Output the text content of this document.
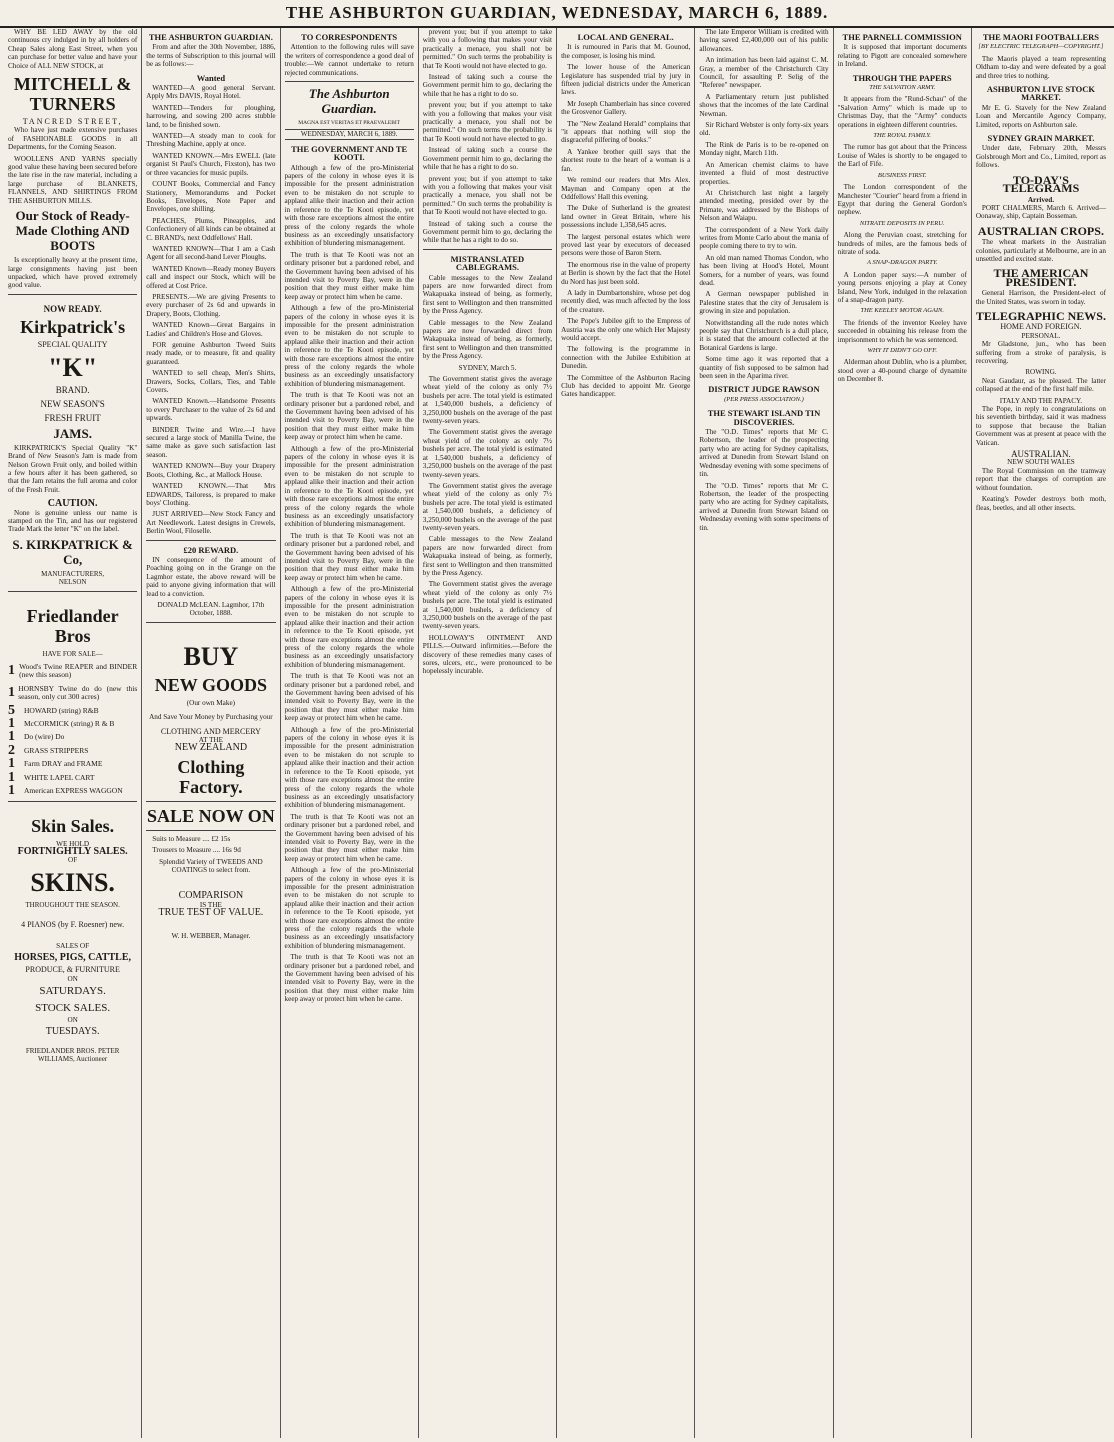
THE ASHBURTON GUARDIAN, WEDNESDAY, MARCH 6, 1889.

WHY BE LED AWAY by the old continuous cry indulged in by all holders of Cheap Sales along East Street, when you can purchase for better value and have your Choice of ALL NEW STOCK, at

MITCHELL & TURNERS
TANCRED STREET,

Who have just made extensive purchases of FASHIONABLE GOODS in all Departments, for the Coming Season.

WOOLLENS AND YARNS specially good value these having been secured before the late rise in the raw material, including a large purchase of BLANKETS, FLANNELS, AND SHIRTINGS FROM THE ASHBURTON MILLS.

Our Stock of Ready-Made Clothing AND BOOTS

Is exceptionally heavy at the present time, large consignments having just been unpacked, which have proved extremely good value.

NOW READY.
Kirkpatrick's
SPECIAL QUALITY
"K"
BRAND.
NEW SEASON'S
FRESH FRUIT
JAMS.

KIRKPATRICK'S Special Quality "K" Brand of New Season's Jam is made from Nelson Grown Fruit only, and boiled within a few hours after it has been gathered, so that the Jam retains the full aroma and color of the Fresh Fruit.

CAUTION.

None is genuine unless our name is stamped on the Tin, and has our registered Trade Mark the letter "K" on the label.

S. KIRKPATRICK & Co,
MANUFACTURERS,
NELSON
Friedlander Bros
HAVE FOR SALE—
1 Wood's Twine REAPER and BINDER (new this season)
1 HORNSBY Twine do do (new this season, only cut 300 acres)
5	HOWARD (string) R&B
1	McCORMICK (string) R & B
1	Do (wire) Do
2	GRASS STRIPPERS
1	Farm DRAY and FRAME
1	WHITE LAPEL CART
1	American EXPRESS WAGGON
Skin Sales.
WE HOLD
FORTNIGHTLY SALES.
OF
SKINS.
THROUGHOUT THE SEASON.
4 PIANOS (by F. Roesner) new.
SALES OF
HORSES, PIGS, CATTLE,
PRODUCE, & FURNITURE
ON
SATURDAYS.
STOCK SALES.
ON
TUESDAYS.
FRIEDLANDER BROS. PETER WILLIAMS, Auctioneer
THE ASHBURTON GUARDIAN.

From and after the 30th November, 1886, the terms of Subscription to this journal will be as follows:—

Wanted

WANTED—A good general Servant. Apply Mrs DAVIS, Royal Hotel.

WANTED—Tenders for ploughing, harrowing, and sowing 200 acres stubble land, to be finished sown.

WANTED—A steady man to cook for Threshing Machine, apply at once.

WANTED KNOWN.—Mrs EWELL (late organist St Paul's Church, Fixston), has two or three vacancies for music pupils.

COUNT Books, Commercial and Fancy Stationery, Memorandums and Pocket Books, Envelopes, Note Paper and Envelopes, one shilling.

PEACHES, Plums, Pineapples, and Confectionery of all kinds can be obtained at C. BRAND's, next Oddfellows' Hall.

WANTED KNOWN—That I am a Cash Agent for all second-hand Lever Ploughs.

WANTED Known—Ready money Buyers call and inspect our Stock, which will be offered at Cost Price.

PRESENTS.—We are giving Presents to every purchaser of 2s 6d and upwards in Drapery, Boots, Clothing.

WANTED Known—Great Bargains in Ladies' and Children's Hose and Gloves.

FOR genuine Ashburton Tweed Suits ready made, or to measure, fit and quality guaranteed.

WANTED to sell cheap, Men's Shirts, Drawers, Socks, Collars, Ties, and Table Covers.

WANTED Known.—Handsome Presents to every Purchaser to the value of 2s 6d and upwards.

BINDER Twine and Wire.—I have secured a large stock of Manilla Twine, the same make as gave such satisfaction last season.

WANTED KNOWN—Buy your Drapery Boots, Clothing, &c., at Mallock House.

WANTED KNOWN.—That Mrs EDWARDS, Tailoress, is prepared to make boys' Clothing.

JUST ARRIVED—New Stock Fancy and Art Needlework. Latest designs in Crewels, Berlin Wool, Filoselle.

£20 REWARD.

IN consequence of the amount of Poaching going on in the Grange on the Lagmhor estate, the above reward will be paid to anyone giving information that will lead to a conviction.

DONALD McLEAN. Lagmhor, 17th October, 1888.

BUY
NEW GOODS
(Our own Make)
And Save Your Money by Purchasing your
CLOTHING AND MERCERY
AT THE
NEW ZEALAND
Clothing Factory.
SALE NOW ON

Suits to Measure .... £2 15s

Trousers to Measure .... 16s 9d

Splendid Variety of TWEEDS AND COATINGS to select from.

COMPARISON
IS THE
TRUE TEST OF VALUE.

W. H. WEBBER, Manager.

TO CORRESPONDENTS

Attention to the following rules will save the writers of correspondence a good deal of trouble:—We cannot undertake to return rejected communications.

The Ashburton Guardian.
MAGNA EST VERITAS ET PRAEVALEBIT
WEDNESDAY, MARCH 6, 1889.
THE GOVERNMENT AND TE KOOTI.

Although a few of the pro-Ministerial papers of the colony in whose eyes it is impossible for the present administration even to be mistaken do not scruple to applaud alike their inaction and their action in reference to the Te Kooti episode, yet with those rare exceptions almost the entire press of the colony regards the whole business as an exceedingly unsatisfactory exhibition of blundering mismanagement.

The truth is that Te Kooti was not an ordinary prisoner but a pardoned rebel, and the Government having been advised of his intended visit to Poverty Bay, were in the position that they must either make him keep away or protect him when he came.

Although a few of the pro-Ministerial papers of the colony in whose eyes it is impossible for the present administration even to be mistaken do not scruple to applaud alike their inaction and their action in reference to the Te Kooti episode, yet with those rare exceptions almost the entire press of the colony regards the whole business as an exceedingly unsatisfactory exhibition of blundering mismanagement.

The truth is that Te Kooti was not an ordinary prisoner but a pardoned rebel, and the Government having been advised of his intended visit to Poverty Bay, were in the position that they must either make him keep away or protect him when he came.

Although a few of the pro-Ministerial papers of the colony in whose eyes it is impossible for the present administration even to be mistaken do not scruple to applaud alike their inaction and their action in reference to the Te Kooti episode, yet with those rare exceptions almost the entire press of the colony regards the whole business as an exceedingly unsatisfactory exhibition of blundering mismanagement.

The truth is that Te Kooti was not an ordinary prisoner but a pardoned rebel, and the Government having been advised of his intended visit to Poverty Bay, were in the position that they must either make him keep away or protect him when he came.

Although a few of the pro-Ministerial papers of the colony in whose eyes it is impossible for the present administration even to be mistaken do not scruple to applaud alike their inaction and their action in reference to the Te Kooti episode, yet with those rare exceptions almost the entire press of the colony regards the whole business as an exceedingly unsatisfactory exhibition of blundering mismanagement.

The truth is that Te Kooti was not an ordinary prisoner but a pardoned rebel, and the Government having been advised of his intended visit to Poverty Bay, were in the position that they must either make him keep away or protect him when he came.

Although a few of the pro-Ministerial papers of the colony in whose eyes it is impossible for the present administration even to be mistaken do not scruple to applaud alike their inaction and their action in reference to the Te Kooti episode, yet with those rare exceptions almost the entire press of the colony regards the whole business as an exceedingly unsatisfactory exhibition of blundering mismanagement.

The truth is that Te Kooti was not an ordinary prisoner but a pardoned rebel, and the Government having been advised of his intended visit to Poverty Bay, were in the position that they must either make him keep away or protect him when he came.

Although a few of the pro-Ministerial papers of the colony in whose eyes it is impossible for the present administration even to be mistaken do not scruple to applaud alike their inaction and their action in reference to the Te Kooti episode, yet with those rare exceptions almost the entire press of the colony regards the whole business as an exceedingly unsatisfactory exhibition of blundering mismanagement.

The truth is that Te Kooti was not an ordinary prisoner but a pardoned rebel, and the Government having been advised of his intended visit to Poverty Bay, were in the position that they must either make him keep away or protect him when he came.

prevent you; but if you attempt to take with you a following that makes your visit practically a menace, you shall not be permitted." On such terms the probability is that Te Kooti would not have elected to go.

Instead of taking such a course the Government permit him to go, declaring the while that he has a right to do so.

prevent you; but if you attempt to take with you a following that makes your visit practically a menace, you shall not be permitted." On such terms the probability is that Te Kooti would not have elected to go.

Instead of taking such a course the Government permit him to go, declaring the while that he has a right to do so.

prevent you; but if you attempt to take with you a following that makes your visit practically a menace, you shall not be permitted." On such terms the probability is that Te Kooti would not have elected to go.

Instead of taking such a course the Government permit him to go, declaring the while that he has a right to do so.

MISTRANSLATED CABLEGRAMS.

Cable messages to the New Zealand papers are now forwarded direct from Wakapuaka instead of being, as formerly, first sent to Wellington and then transmitted by the Press Agency.

Cable messages to the New Zealand papers are now forwarded direct from Wakapuaka instead of being, as formerly, first sent to Wellington and then transmitted by the Press Agency.

SYDNEY, March 5.

The Government statist gives the average wheat yield of the colony as only 7½ bushels per acre. The total yield is estimated at 1,540,000 bushels, a deficiency of 3,250,000 bushels on the average of the past twenty-seven years.

The Government statist gives the average wheat yield of the colony as only 7½ bushels per acre. The total yield is estimated at 1,540,000 bushels, a deficiency of 3,250,000 bushels on the average of the past twenty-seven years.

The Government statist gives the average wheat yield of the colony as only 7½ bushels per acre. The total yield is estimated at 1,540,000 bushels, a deficiency of 3,250,000 bushels on the average of the past twenty-seven years.

Cable messages to the New Zealand papers are now forwarded direct from Wakapuaka instead of being, as formerly, first sent to Wellington and then transmitted by the Press Agency.

The Government statist gives the average wheat yield of the colony as only 7½ bushels per acre. The total yield is estimated at 1,540,000 bushels, a deficiency of 3,250,000 bushels on the average of the past twenty-seven years.

HOLLOWAY'S OINTMENT AND PILLS.—Outward infirmities.—Before the discovery of these remedies many cases of sores, ulcers, etc., were pronounced to be hopelessly incurable.

LOCAL AND GENERAL.

It is rumoured in Paris that M. Gounod, the composer, is losing his mind.

The lower house of the American Legislature has suspended trial by jury in fifteen judicial districts under the American laws.

Mr Joseph Chamberlain has since covered the Grosvenor Gallery.

The "New Zealand Herald" complains that "it appears that nothing will stop the disgraceful pilfering of books."

A Yankee brother quill says that the shortest route to the heart of a woman is a fan.

We remind our readers that Mrs Alex. Mayman and Company open at the Oddfellows' Hall this evening.

The Duke of Sutherland is the greatest land owner in Great Britain, where his possessions include 1,358,645 acres.

The largest personal estates which were proved last year by executors of deceased persons were those of Baron Stern.

The enormous rise in the value of property at Berlin is shown by the fact that the Hotel du Nord has just been sold.

A lady in Dumbartonshire, whose pet dog recently died, was much affected by the loss of the creature.

The Pope's Jubilee gift to the Empress of Austria was the only one which Her Majesty would accept.

The following is the programme in connection with the Jubilee Exhibition at Dunedin.

The Committee of the Ashburton Racing Club has decided to appoint Mr. George Gates handicapper.

The late Emperor William is credited with having saved £2,400,000 out of his public allowances.

An intimation has been laid against C. M. Gray, a member of the Christchurch City Council, for assaulting P. Selig of the "Referee" newspaper.

A Parliamentary return just published shows that the incomes of the late Cardinal Newman.

Sir Richard Webster is only forty-six years old.

The Rink de Paris is to be re-opened on Monday night, March 11th.

An American chemist claims to have invented a fluid of most destructive properties.

At Christchurch last night a largely attended meeting, presided over by the Primate, was addressed by the Bishops of Nelson and Waiapu.

The correspondent of a New York daily writes from Monte Carlo about the mania of people coming there to try to win.

An old man named Thomas Condon, who has been living at Hood's Hotel, Mount Somers, for a number of years, was found dead.

A German newspaper published in Palestine states that the city of Jerusalem is growing in size and population.

Notwithstanding all the rude notes which people say that Christchurch is a dull place, it is stated that the amount collected at the Botanical Gardens is large.

Some time ago it was reported that a quantity of fish supposed to be salmon had been seen in the Aparima river.

DISTRICT JUDGE RAWSON
(PER PRESS ASSOCIATION.)
THE STEWART ISLAND TIN DISCOVERIES.

The "O.D. Times" reports that Mr C. Robertson, the leader of the prospecting party who are acting for Sydney capitalists, arrived at Dunedin from Stewart Island on Wednesday evening with some specimens of tin.

The "O.D. Times" reports that Mr C. Robertson, the leader of the prospecting party who are acting for Sydney capitalists, arrived at Dunedin from Stewart Island on Wednesday evening with some specimens of tin.

THE PARNELL COMMISSION

It is supposed that important documents relating to Pigott are concealed somewhere in Ireland.

THROUGH THE PAPERS
THE SALVATION ARMY.

It appears from the "Rund-Schau" of the "Salvation Army" which is made up to Christmas Day, that the "Army" conducts operations in eighteen different countries.

THE ROYAL FAMILY.

The rumor has got about that the Princess Louise of Wales is shortly to be engaged to the Earl of Fife.

BUSINESS FIRST.

The London correspondent of the Manchester "Courier" heard from a friend in Egypt that during the General Gordon's nephew.

NITRATE DEPOSITS IN PERU.

Along the Peruvian coast, stretching for hundreds of miles, are the famous beds of nitrate of soda.

A SNAP-DRAGON PARTY.

A London paper says:—A number of young persons enjoying a play at Coney Island, New York, indulged in the relaxation of a snap-dragon party.

THE KEELEY MOTOR AGAIN.

The friends of the inventor Keeley have succeeded in obtaining his release from the imprisonment to which he was sentenced.

WHY IT DIDN'T GO OFF.

Alderman ahout Dublin, who is a plumber, stood over a 40-pound charge of dynamite on December 8.

THE MAORI FOOTBALLERS
[BY ELECTRIC TELEGRAPH—COPYRIGHT.]

The Maoris played a team representing Oldham to-day and were defeated by a goal and three tries to nothing.

ASHBURTON LIVE STOCK MARKET.

Mr E. G. Stavely for the New Zealand Loan and Mercantile Agency Company, Limited, reports on Ashburton sale.

SYDNEY GRAIN MARKET.

Under date, February 20th, Messrs Golsbrough Mort and Co., Limited, report as follows.

TO-DAY'S TELEGRAMS
Arrived.

PORT CHALMERS, March 6. Arrived—Oonaway, ship, Captain Bosseman.

AUSTRALIAN CROPS.

The wheat markets in the Australian colonies, particularly at Melbourne, are in an unsettled and excited state.

THE AMERICAN PRESIDENT.

General Harrison, the President-elect of the United States, was sworn in today.

TELEGRAPHIC NEWS.
HOME AND FOREIGN.
PERSONAL.

Mr Gladstone, jun., who has been suffering from a stroke of paralysis, is recovering.

ROWING.

Neat Gaudaur, as he pleased. The latter collapsed at the end of the first half mile.

ITALY AND THE PAPACY.

The Pope, in reply to congratulations on his seventieth birthday, said it was madness to suppose that because the Italian Government was at present at peace with the Vatican.

AUSTRALIAN.
NEW SOUTH WALES

The Royal Commission on the tramway report that the charges of corruption are without foundation.

Keating's Powder destroys both moth, fleas, beetles, and all other insects.
